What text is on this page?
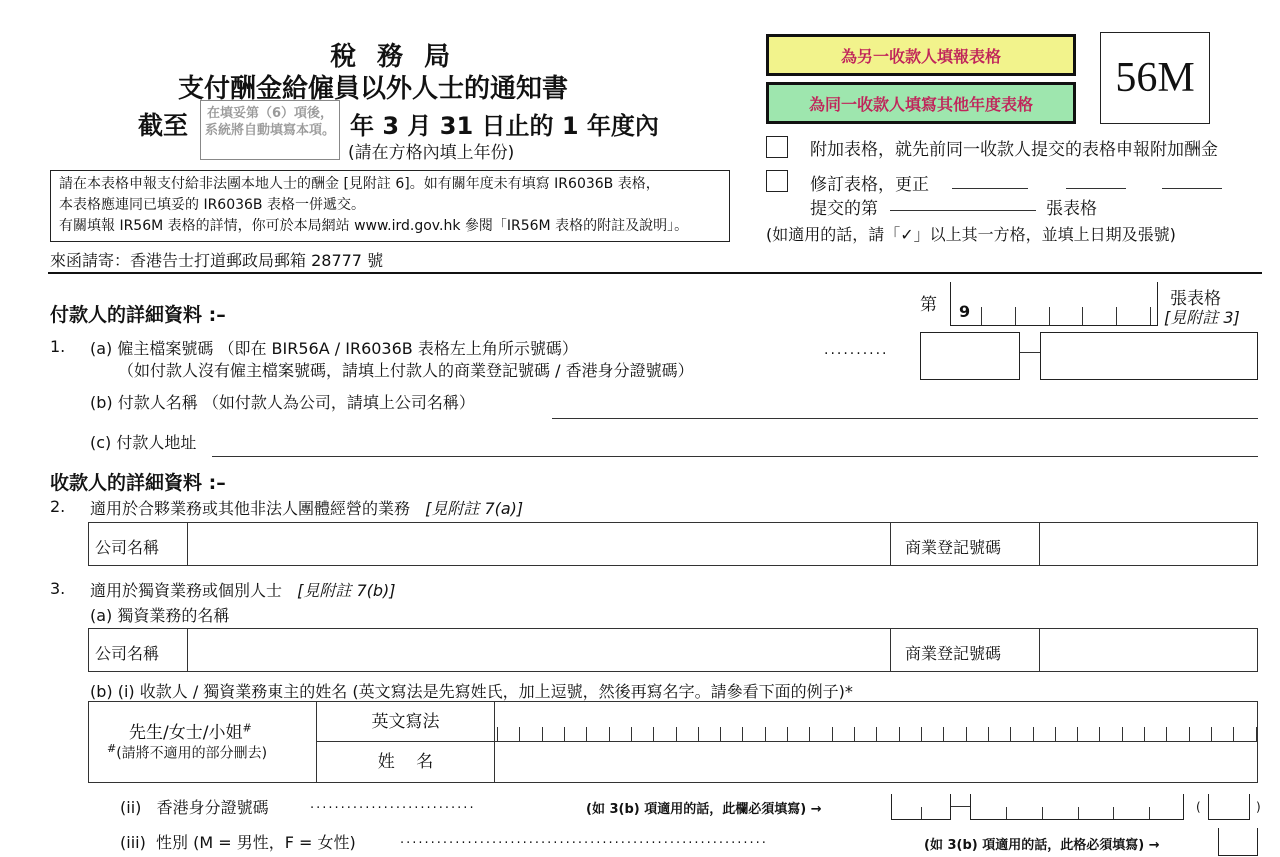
稅 務 局
支付酬金給僱員以外人士的通知書
截至	在填妥第（6）項後，系統將自動填寫本項。 年 3 月 31 日止的 1 年度內
(請在方格內填上年份)
為另一收款人填報表格
為同一收款人填寫其他年度表格
56M
附加表格，就先前同一收款人提交的表格申報附加酬金
修訂表格，更正
提交的第	張表格
(如適用的話，請「✓」以上其一方格，並填上日期及張號)
請在本表格申報支付給非法團本地人士的酬金 [見附註 6]。如有關年度未有填寫 IR6036B 表格，
本表格應連同已填妥的 IR6036B 表格一併遞交。
有關填報 IR56M 表格的詳情，你可於本局網站 www.ird.gov.hk 參閱「IR56M 表格的附註及說明」。
來函請寄：香港告士打道郵政局郵箱 28777 號
第 9
張表格
[見附註 3]
付款人的詳細資料 :–
1. (a) 僱主檔案號碼 （即在 BIR56A / IR6036B 表格左上角所示號碼）
（如付款人沒有僱主檔案號碼，請填上付款人的商業登記號碼 / 香港身分證號碼）
..........
(b) 付款人名稱 （如付款人為公司，請填上公司名稱）
(c) 付款人地址
收款人的詳細資料 :–
2. 適用於合夥業務或其他非法人團體經營的業務 [見附註 7(a)]
公司名稱	商業登記號碼
3. 適用於獨資業務或個別人士 [見附註 7(b)]
(a) 獨資業務的名稱
公司名稱	商業登記號碼
(b) (i) 收款人 / 獨資業務東主的姓名 (英文寫法是先寫姓氏，加上逗號，然後再寫名字。請參看下面的例子)*
先生/女士/小姐#
#(請將不適用的部分刪去)
英文寫法
姓    名
(ii)   香港身分證號碼	...........................	(如 3(b) 項適用的話，此欄必須填寫) →	(	)
(iii)  性別 (M = 男性，F = 女性)	............................................................	(如 3(b) 項適用的話，此格必須填寫) →
